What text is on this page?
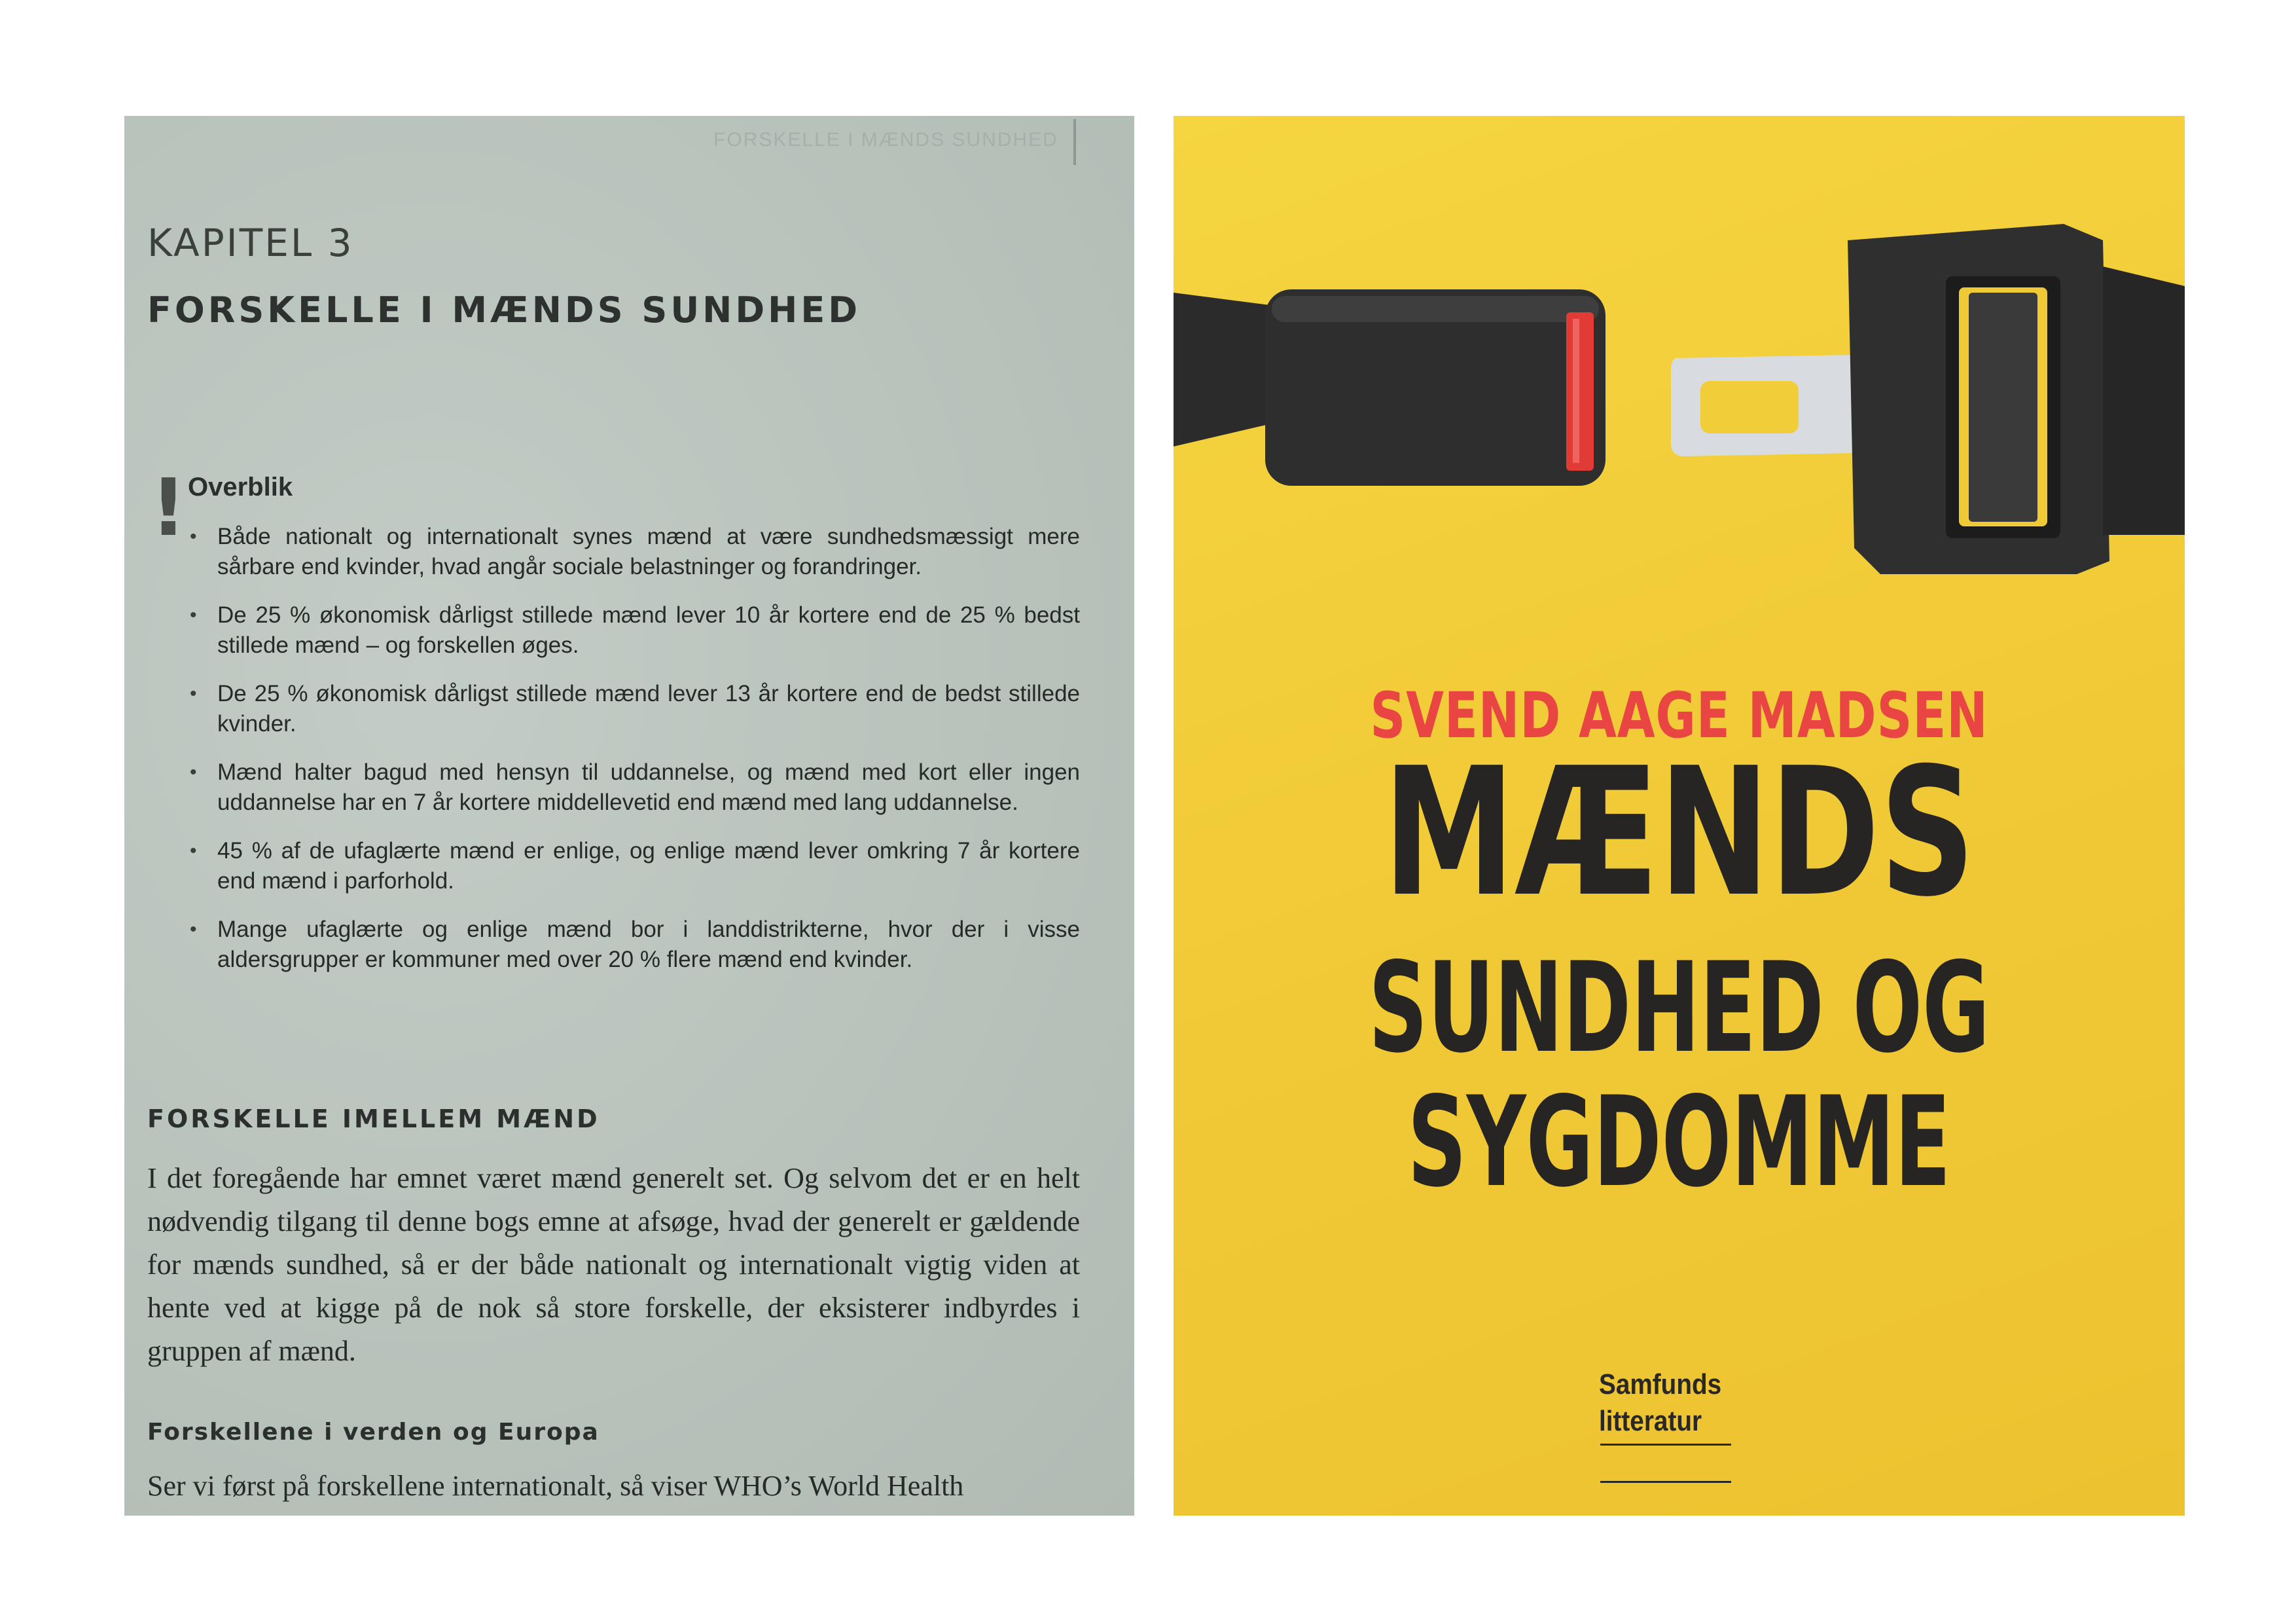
FORSKELLE I MÆNDS SUNDHED
KAPITEL 3
FORSKELLE I MÆNDS SUNDHED
! Overblik
• Både nationalt og internationalt synes mænd at være sundhedsmæssigt mere sårbare end kvinder, hvad angår sociale belastninger og forandringer.
• De 25 % økonomisk dårligst stillede mænd lever 10 år kortere end de 25 % bedst stillede mænd – og forskellen øges.
• De 25 % økonomisk dårligst stillede mænd lever 13 år kortere end de bedst stillede kvinder.
• Mænd halter bagud med hensyn til uddannelse, og mænd med kort eller ingen uddannelse har en 7 år kortere middellevetid end mænd med lang uddannelse.
• 45 % af de ufaglærte mænd er enlige, og enlige mænd lever omkring 7 år kortere end mænd i parforhold.
• Mange ufaglærte og enlige mænd bor i landdistrikterne, hvor der i visse aldersgrupper er kommuner med over 20 % flere mænd end kvinder.
FORSKELLE IMELLEM MÆND
I det foregående har emnet været mænd generelt set. Og selvom det er en helt nødvendig tilgang til denne bogs emne at afsøge, hvad der generelt er gældende for mænds sundhed, så er der både nationalt og internationalt vigtig viden at hente ved at kigge på de nok så store forskelle, der eksisterer indbyrdes i gruppen af mænd.
Forskellene i verden og Europa
Ser vi først på forskellene internationalt, så viser WHO’s World Health
SVEND AAGE MADSEN
MÆNDS
SUNDHED OG
SYGDOMME
Samfunds
litteratur
